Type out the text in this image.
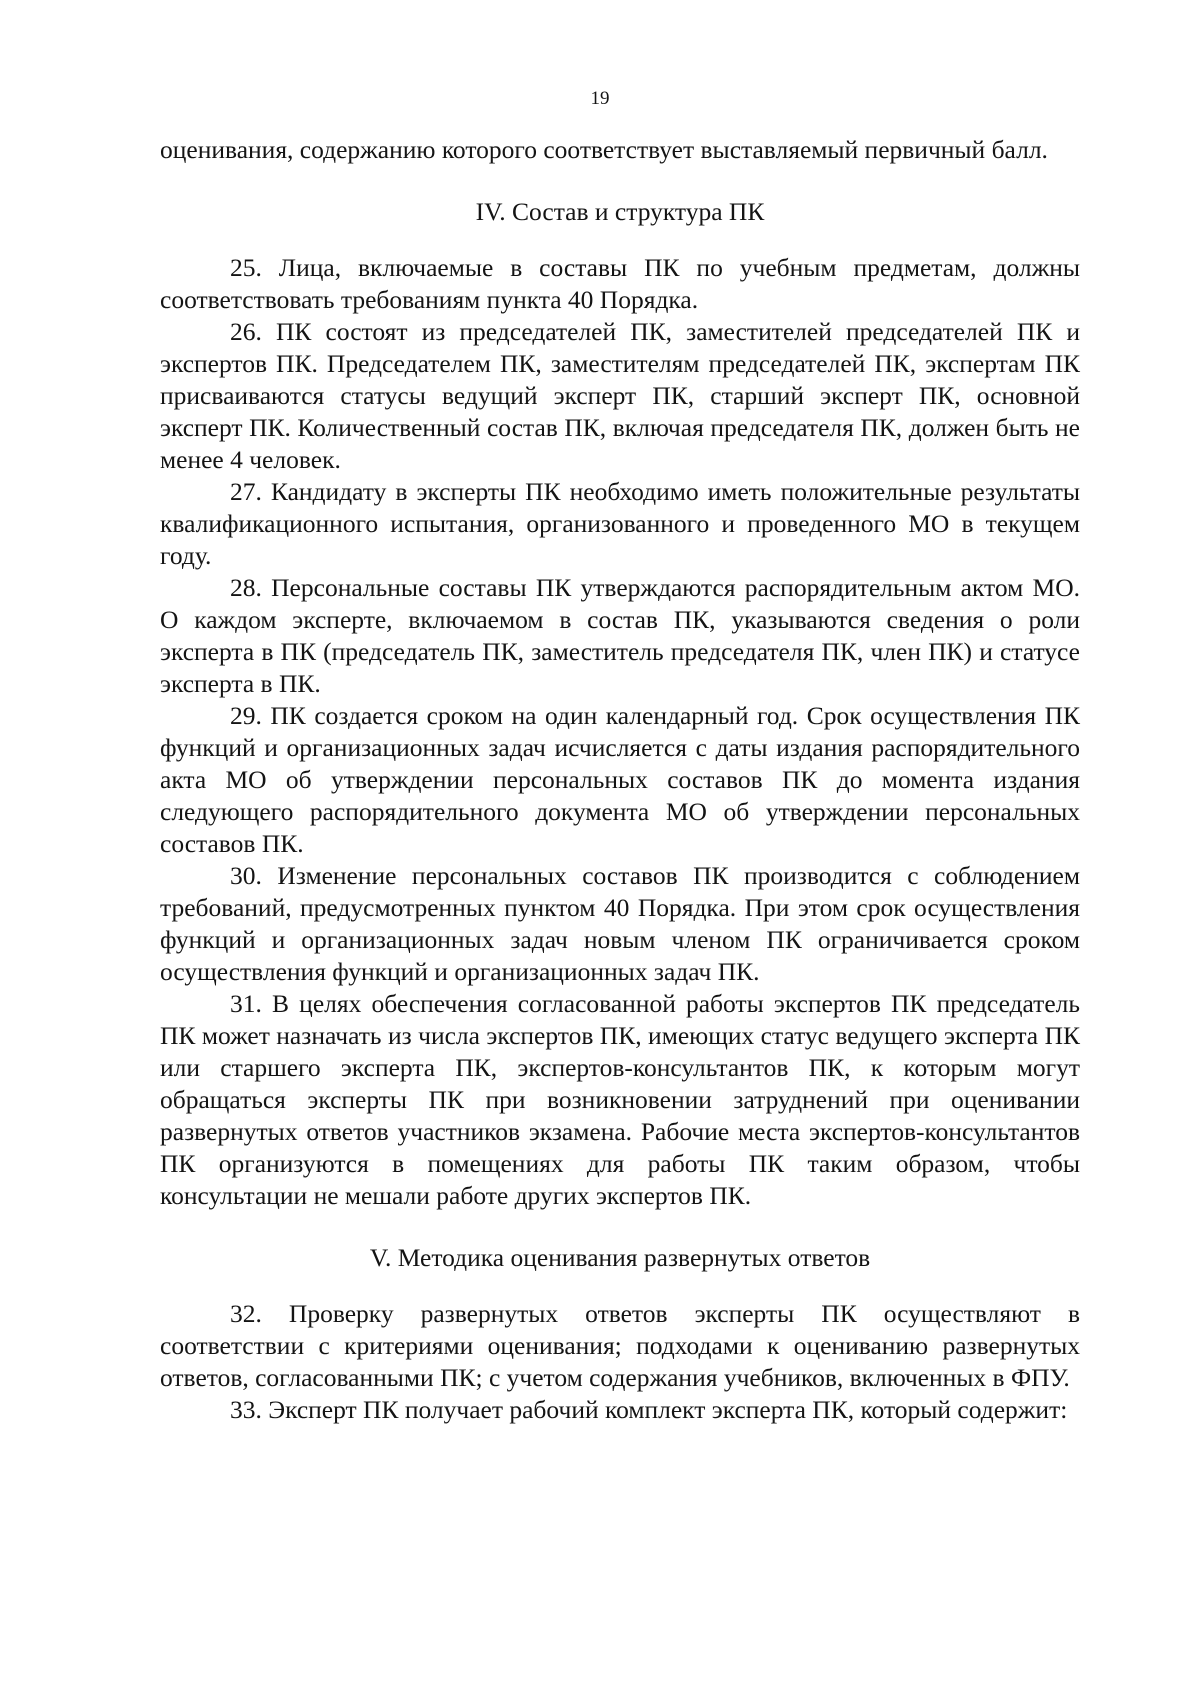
19

оценивания, содержанию которого соответствует выставляемый первичный балл.

IV. Состав и структура ПК

25. Лица, включаемые в составы ПК по учебным предметам, должны соответствовать требованиям пункта 40 Порядка.

26. ПК состоят из председателей ПК, заместителей председателей ПК и экспертов ПК. Председателем ПК, заместителям председателей ПК, экспертам ПК присваиваются статусы ведущий эксперт ПК, старший эксперт ПК, основной эксперт ПК. Количественный состав ПК, включая председателя ПК, должен быть не менее 4 человек.

27. Кандидату в эксперты ПК необходимо иметь положительные результаты квалификационного испытания, организованного и проведенного МО в текущем году.

28. Персональные составы ПК утверждаются распорядительным актом МО. О каждом эксперте, включаемом в состав ПК, указываются сведения о роли эксперта в ПК (председатель ПК, заместитель председателя ПК, член ПК) и статусе эксперта в ПК.

29. ПК создается сроком на один календарный год. Срок осуществления ПК функций и организационных задач исчисляется с даты издания распорядительного акта МО об утверждении персональных составов ПК до момента издания следующего распорядительного документа МО об утверждении персональных составов ПК.

30. Изменение персональных составов ПК производится с соблюдением требований, предусмотренных пунктом 40 Порядка. При этом срок осуществления функций и организационных задач новым членом ПК ограничивается сроком осуществления функций и организационных задач ПК.

31. В целях обеспечения согласованной работы экспертов ПК председатель ПК может назначать из числа экспертов ПК, имеющих статус ведущего эксперта ПК или старшего эксперта ПК, экспертов-консультантов ПК, к которым могут обращаться эксперты ПК при возникновении затруднений при оценивании развернутых ответов участников экзамена. Рабочие места экспертов-консультантов ПК организуются в помещениях для работы ПК таким образом, чтобы консультации не мешали работе других экспертов ПК.

V. Методика оценивания развернутых ответов

32. Проверку развернутых ответов эксперты ПК осуществляют в соответствии с критериями оценивания; подходами к оцениванию развернутых ответов, согласованными ПК; с учетом содержания учебников, включенных в ФПУ.

33. Эксперт ПК получает рабочий комплект эксперта ПК, который содержит:
